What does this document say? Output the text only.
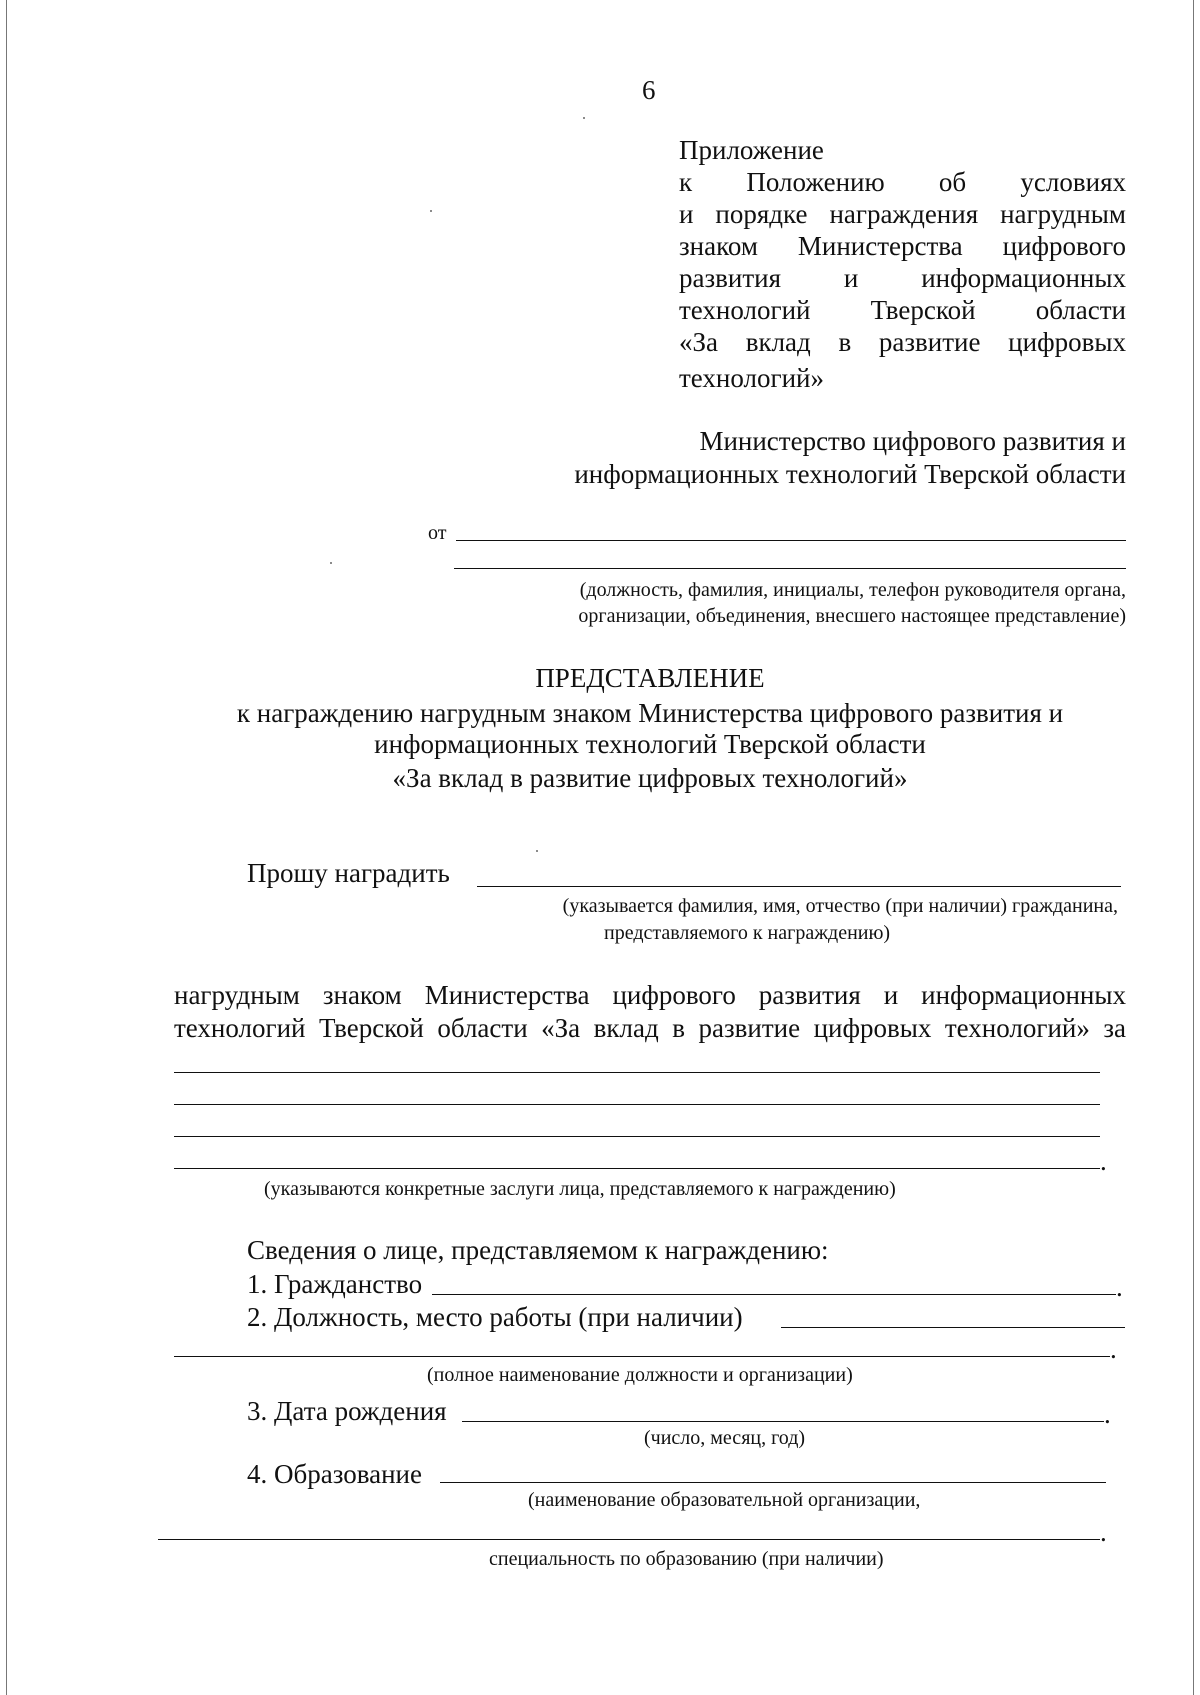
6
Приложение
к Положению об условиях
и порядке награждения нагрудным
знаком Министерства цифрового
развития и информационных
технологий Тверской области
«За вклад в развитие цифровых
технологий»
Министерство цифрового развития и
информационных технологий Тверской области
от
(должность, фамилия, инициалы, телефон руководителя органа,
организации, объединения, внесшего настоящее представление)
ПРЕДСТАВЛЕНИЕ
к награждению нагрудным знаком Министерства цифрового развития и
информационных технологий Тверской области
«За вклад в развитие цифровых технологий»
Прошу наградить
(указывается фамилия, имя, отчество (при наличии) гражданина,
представляемого к награждению)
нагрудным знаком Министерства цифрового развития и информационных
технологий Тверской области «За вклад в развитие цифровых технологий» за
.
(указываются конкретные заслуги лица, представляемого к награждению)
Сведения о лице, представляемом к награждению:
1. Гражданство	.
2. Должность, место работы (при наличии)
.
(полное наименование должности и организации)
3. Дата рождения	.
(число, месяц, год)
4. Образование
(наименование образовательной организации,
.
специальность по образованию (при наличии)
